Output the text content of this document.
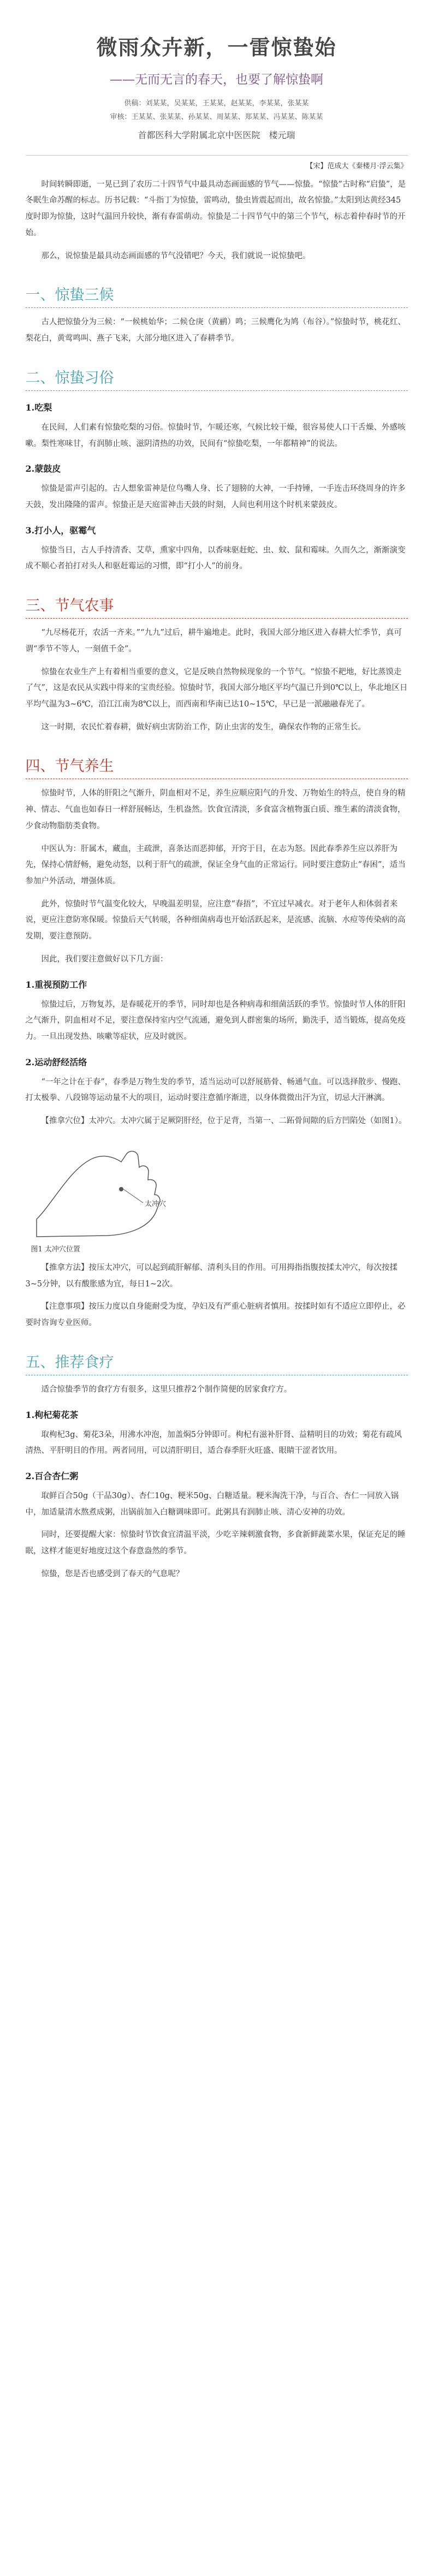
微雨众卉新，一雷惊蛰始
——无而无言的春天，也要了解惊蛰啊
供稿：刘某某，吴某某，王某某，赵某某，李某某，张某某
审核：王某某、张某某、孙某某、周某某、郑某某、冯某某、陈某某
首都医科大学附属北京中医医院　楼元瑞
【宋】范成大《秦楼月·浮云集》

时间转瞬即逝，一晃已到了农历二十四节气中最具动态画面感的节气——惊蛰。“惊蛰”古时称“启蛰”，是冬眠生命苏醒的标志。历书记载：“斗指丁为惊蛰，雷鸣动，蛰虫皆震起而出，故名惊蛰。”太阳到达黄经345度时即为惊蛰，这时气温回升较快，渐有春雷萌动。惊蛰是二十四节气中的第三个节气，标志着仲春时节的开始。

那么，说惊蛰是最具动态画面感的节气没错吧？今天，我们就说一说惊蛰吧。

一、惊蛰三候

古人把惊蛰分为三候：“一候桃始华；二候仓庚（黄鹂）鸣；三候鹰化为鸠（布谷）。”惊蛰时节，桃花红、梨花白，黄莺鸣叫、燕子飞来，大部分地区进入了春耕季节。

二、惊蛰习俗
1.吃梨

在民间，人们素有惊蛰吃梨的习俗。惊蛰时节，乍暖还寒，气候比较干燥，很容易使人口干舌燥、外感咳嗽。梨性寒味甘，有润肺止咳、滋阴清热的功效，民间有“惊蛰吃梨，一年都精神”的说法。

2.蒙鼓皮

惊蛰是雷声引起的。古人想象雷神是位鸟嘴人身、长了翅膀的大神，一手持锤，一手连击环绕周身的许多天鼓，发出隆隆的雷声。惊蛰正是天庭雷神击天鼓的时刻，人间也利用这个时机来蒙鼓皮。

3.打小人，驱霉气

惊蛰当日，古人手持清香、艾草，熏家中四角，以香味驱赶蛇、虫、蚊、鼠和霉味。久而久之，渐渐演变成不顺心者拍打对头人和驱赶霉运的习惯，即“打小人”的前身。

三、节气农事

“九尽杨花开，农活一齐来。”“九九”过后，耕牛遍地走。此时，我国大部分地区进入春耕大忙季节，真可谓“季节不等人，一刻值千金”。

惊蛰在农业生产上有着相当重要的意义，它是反映自然物候现象的一个节气。“惊蛰不耙地，好比蒸馍走了气”，这是农民从实践中得来的宝贵经验。惊蛰时节，我国大部分地区平均气温已升到0℃以上，华北地区日平均气温为3~6℃，沿江江南为8℃以上，而西南和华南已达10~15℃，早已是一派融融春光了。

这一时期，农民忙着春耕，做好病虫害防治工作，防止虫害的发生，确保农作物的正常生长。

四、节气养生

惊蛰时节，人体的肝阳之气渐升，阴血相对不足，养生应顺应阳气的升发、万物始生的特点，使自身的精神、情志、气血也如春日一样舒展畅达，生机盎然。饮食宜清淡，多食富含植物蛋白质、维生素的清淡食物，少食动物脂肪类食物。

中医认为：肝属木，藏血，主疏泄，喜条达而恶抑郁，开窍于目，在志为怒。因此春季养生应以养肝为先，保持心情舒畅，避免动怒，以利于肝气的疏泄，保证全身气血的正常运行。同时要注意防止“春困”，适当参加户外活动，增强体质。

此外，惊蛰时节气温变化较大，早晚温差明显，应注意“春捂”，不宜过早减衣。对于老年人和体弱者来说，更应注意防寒保暖。惊蛰后天气转暖，各种细菌病毒也开始活跃起来，是流感、流脑、水痘等传染病的高发期，要注意预防。

因此，我们要注意做好以下几方面：

1.重视预防工作

惊蛰过后，万物复苏，是春暖花开的季节，同时却也是各种病毒和细菌活跃的季节。惊蛰时节人体的肝阳之气渐升，阴血相对不足，要注意保持室内空气流通，避免到人群密集的场所，勤洗手，适当锻炼，提高免疫力。一旦出现发热、咳嗽等症状，应及时就医。

2.运动舒经活络

“一年之计在于春”，春季是万物生发的季节，适当运动可以舒展筋骨、畅通气血。可以选择散步、慢跑、打太极拳、八段锦等运动量不大的项目，运动时要注意循序渐进，以身体微微出汗为宜，切忌大汗淋漓。

【推拿穴位】太冲穴。太冲穴属于足厥阴肝经，位于足背，当第一、二跖骨间隙的后方凹陷处（如图1）。

太冲穴
图1 太冲穴位置

【推拿方法】按压太冲穴，可以起到疏肝解郁、清利头目的作用。可用拇指指腹按揉太冲穴，每次按揉3~5分钟，以有酸胀感为宜，每日1~2次。

【注意事项】按压力度以自身能耐受为度，孕妇及有严重心脏病者慎用。按揉时如有不适应立即停止，必要时咨询专业医师。

五、推荐食疗

适合惊蛰季节的食疗方有很多，这里只推荐2个制作简便的居家食疗方。

1.枸杞菊花茶

取枸杞3g、菊花3朵，用沸水冲泡，加盖焖5分钟即可。枸杞有滋补肝肾、益精明目的功效；菊花有疏风清热、平肝明目的作用。两者同用，可以清肝明目，适合春季肝火旺盛、眼睛干涩者饮用。

2.百合杏仁粥

取鲜百合50g（干品30g）、杏仁10g、粳米50g、白糖适量。粳米淘洗干净，与百合、杏仁一同放入锅中，加适量清水熬煮成粥，出锅前加入白糖调味即可。此粥具有润肺止咳、清心安神的功效。

同时，还要提醒大家：惊蛰时节饮食宜清温平淡，少吃辛辣刺激食物，多食新鲜蔬菜水果，保证充足的睡眠，这样才能更好地度过这个春意盎然的季节。

惊蛰，您是否也感受到了春天的气息呢？
